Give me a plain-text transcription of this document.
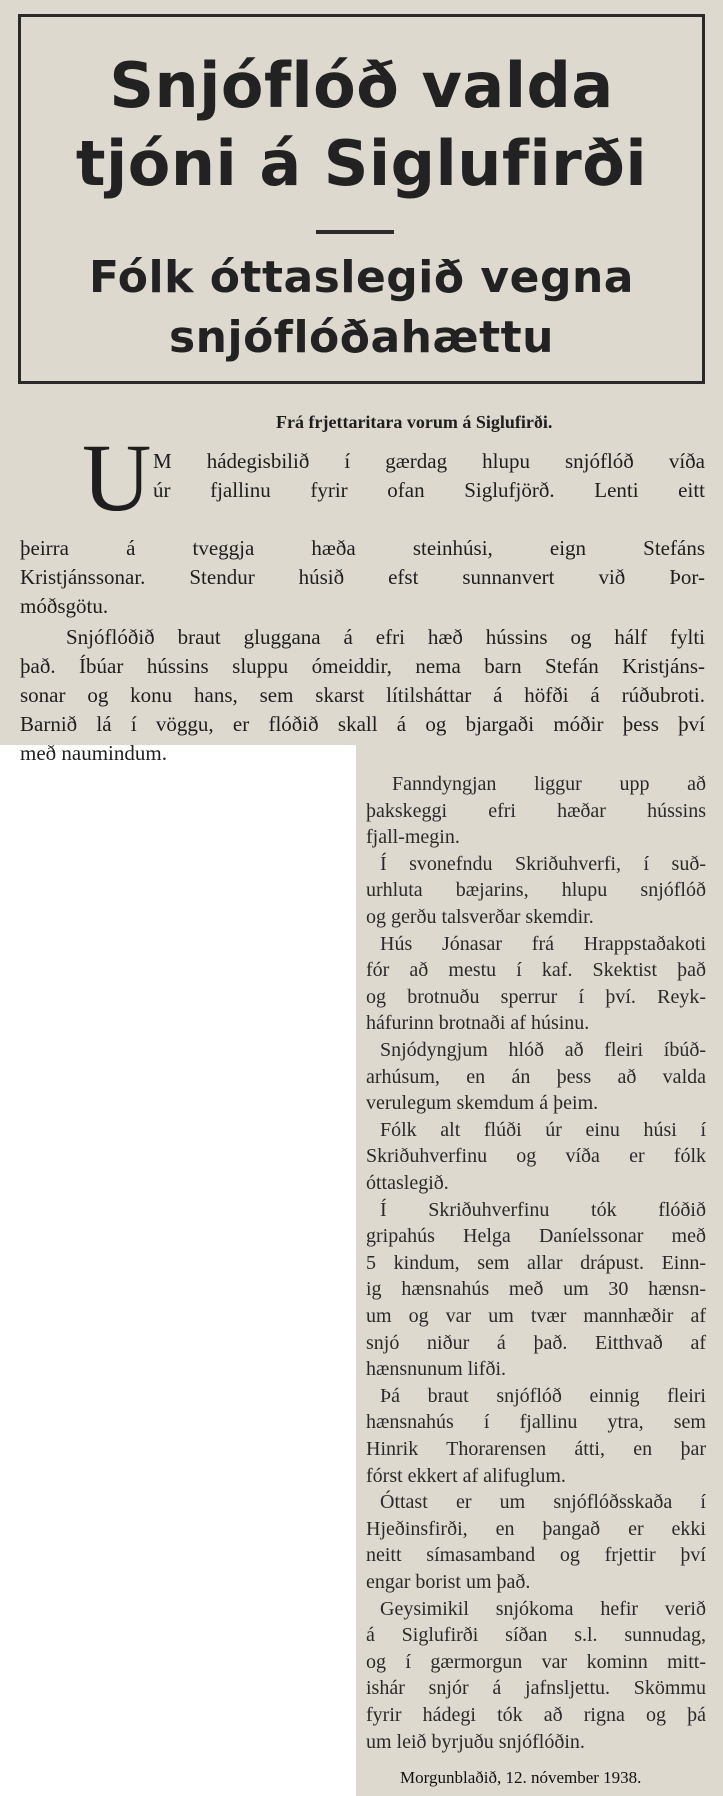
Snjóflóð valda
tjóni á Siglufirði
Fólk óttaslegið vegna
snjóflóðahættu
Frá frjettaritara vorum á Siglufirði.
U M hádegisbilið í gærdag hlupu snjóflóð víða
úr fjallinu fyrir ofan Siglufjörð. Lenti eitt
þeirra á tveggja hæða steinhúsi, eign Stefáns
Kristjánssonar. Stendur húsið efst sunnanvert við Þor-
móðsgötu.
Snjóflóðið braut gluggana á efri hæð hússins og hálf fylti
það. Íbúar hússins sluppu ómeiddir, nema barn Stefán Kristjáns-
sonar og konu hans, sem skarst lítilsháttar á höfði á rúðubroti.
Barnið lá í vöggu, er flóðið skall á og bjargaði móðir þess því
með naumindum.
Fanndyngjan liggur upp að
þakskeggi efri hæðar hússins
fjall-megin.
Í svonefndu Skriðuhverfi, í suð-
urhluta bæjarins, hlupu snjóflóð
og gerðu talsverðar skemdir.
Hús Jónasar frá Hrappstaðakoti
fór að mestu í kaf. Skektist það
og brotnuðu sperrur í því. Reyk-
háfurinn brotnaði af húsinu.
Snjódyngjum hlóð að fleiri íbúð-
arhúsum, en án þess að valda
verulegum skemdum á þeim.
Fólk alt flúði úr einu húsi í
Skriðuhverfinu og víða er fólk
óttaslegið.
Í Skriðuhverfinu tók flóðið
gripahús Helga Daníelssonar með
5 kindum, sem allar drápust. Einn-
ig hænsnahús með um 30 hænsn-
um og var um tvær mannhæðir af
snjó niður á það. Eitthvað af
hænsnunum lifði.
Þá braut snjóflóð einnig fleiri
hænsnahús í fjallinu ytra, sem
Hinrik Thorarensen átti, en þar
fórst ekkert af alifuglum.
Óttast er um snjóflóðsskaða í
Hjeðinsfirði, en þangað er ekki
neitt símasamband og frjettir því
engar borist um það.
Geysimikil snjókoma hefir verið
á Siglufirði síðan s.l. sunnudag,
og í gærmorgun var kominn mitt-
ishár snjór á jafnsljettu. Skömmu
fyrir hádegi tók að rigna og þá
um leið byrjuðu snjóflóðin.
Morgunblaðið, 12. nóvember 1938.
